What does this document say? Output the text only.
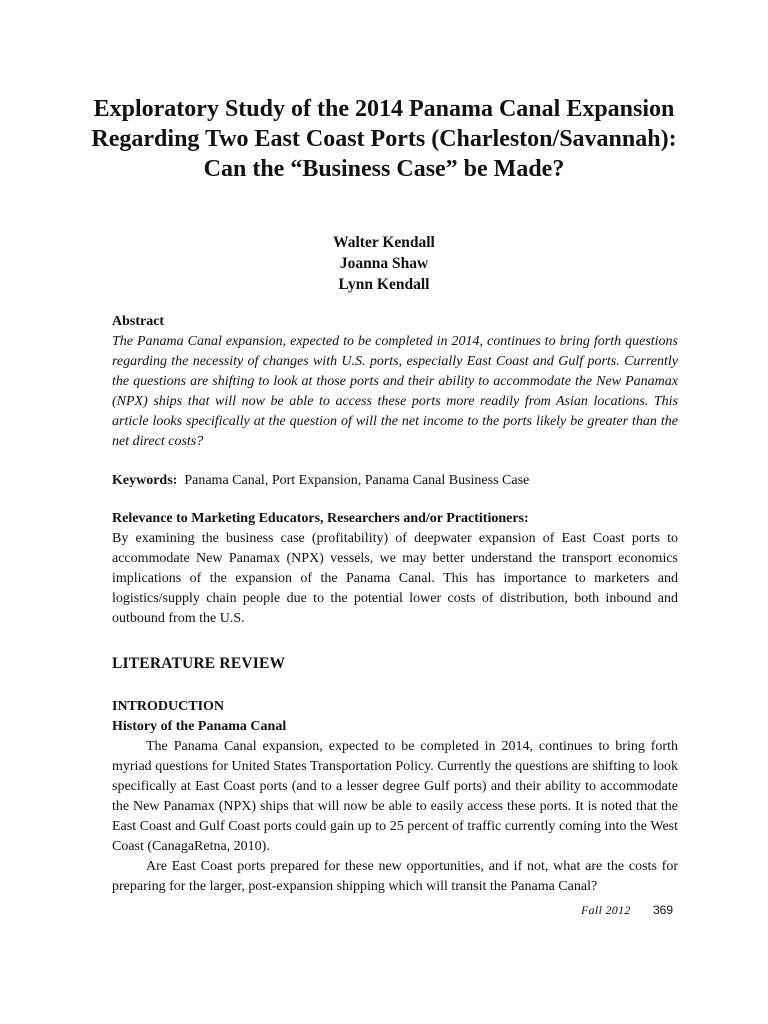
Exploratory Study of the 2014 Panama Canal Expansion Regarding Two East Coast Ports (Charleston/Savannah): Can the “Business Case” be Made?
Walter Kendall
Joanna Shaw
Lynn Kendall

Abstract

The Panama Canal expansion, expected to be completed in 2014, continues to bring forth questions regarding the necessity of changes with U.S. ports, especially East Coast and Gulf ports. Currently the questions are shifting to look at those ports and their ability to accommodate the New Panamax (NPX) ships that will now be able to access these ports more readily from Asian locations. This article looks specifically at the question of will the net income to the ports likely be greater than the net direct costs?

Keywords: Panama Canal, Port Expansion, Panama Canal Business Case

Relevance to Marketing Educators, Researchers and/or Practitioners:

By examining the business case (profitability) of deepwater expansion of East Coast ports to accommodate New Panamax (NPX) vessels, we may better understand the transport economics implications of the expansion of the Panama Canal. This has importance to marketers and logistics/supply chain people due to the potential lower costs of distribution, both inbound and outbound from the U.S.

LITERATURE REVIEW

INTRODUCTION

History of the Panama Canal

The Panama Canal expansion, expected to be completed in 2014, continues to bring forth myriad questions for United States Transportation Policy. Currently the questions are shifting to look specifically at East Coast ports (and to a lesser degree Gulf ports) and their ability to accommodate the New Panamax (NPX) ships that will now be able to easily access these ports. It is noted that the East Coast and Gulf Coast ports could gain up to 25 percent of traffic currently coming into the West Coast (CanagaRetna, 2010).

Are East Coast ports prepared for these new opportunities, and if not, what are the costs for preparing for the larger, post-expansion shipping which will transit the Panama Canal?

Fall 2012 369
